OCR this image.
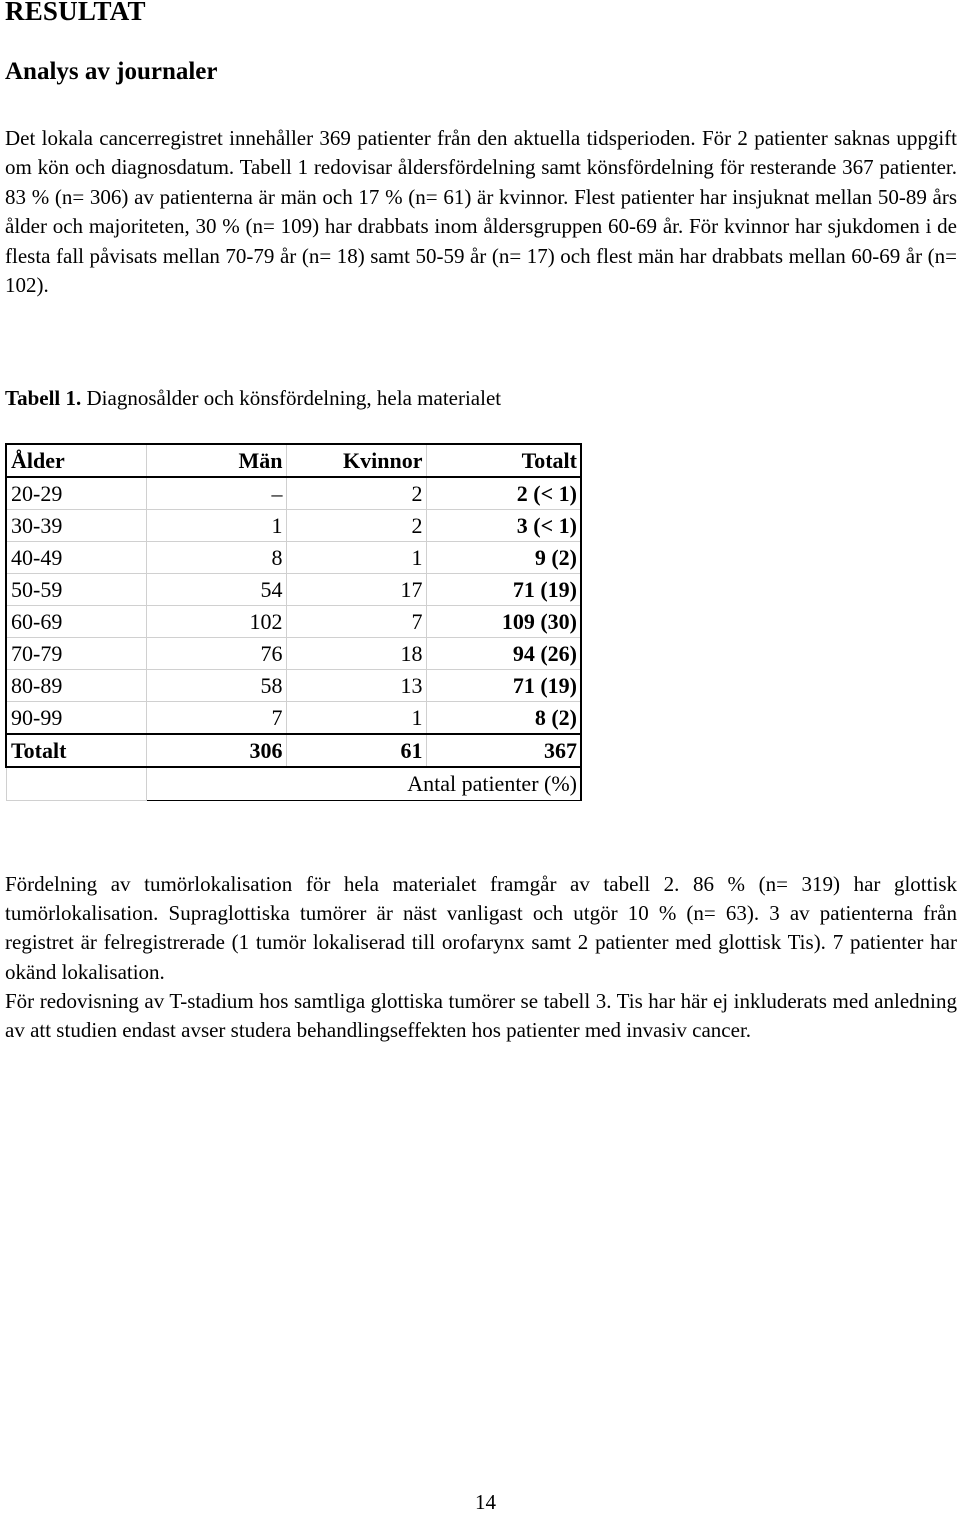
RESULTAT
Analys av journaler

Det lokala cancerregistret innehåller 369 patienter från den aktuella tidsperioden. För 2 patienter saknas uppgift om kön och diagnosdatum. Tabell 1 redovisar åldersfördelning samt könsfördelning för resterande 367 patienter. 83 % (n= 306) av patienterna är män och 17 % (n= 61) är kvinnor. Flest patienter har insjuknat mellan 50-89 års ålder och majoriteten, 30 % (n= 109) har drabbats inom åldersgruppen 60-69 år. För kvinnor har sjukdomen i de flesta fall påvisats mellan 70-79 år (n= 18) samt 50-59 år (n= 17) och flest män har drabbats mellan 60-69 år (n= 102).

Tabell 1. Diagnosålder och könsfördelning, hela materialet

Ålder	Män	Kvinnor	Totalt
20-29	–	2	2 (< 1)
30-39	1	2	3 (< 1)
40-49	8	1	9 (2)
50-59	54	17	71 (19)
60-69	102	7	109 (30)
70-79	76	18	94 (26)
80-89	58	13	71 (19)
90-99	7	1	8 (2)
Totalt	306	61	367
	Antal patienter (%)		

Fördelning av tumörlokalisation för hela materialet framgår av tabell 2. 86 % (n= 319) har glottisk tumörlokalisation. Supraglottiska tumörer är näst vanligast och utgör 10 % (n= 63). 3 av patienterna från registret är felregistrerade (1 tumör lokaliserad till orofarynx samt 2 patienter med glottisk Tis). 7 patienter har okänd lokalisation.

För redovisning av T-stadium hos samtliga glottiska tumörer se tabell 3. Tis har här ej inkluderats med anledning av att studien endast avser studera behandlingseffekten hos patienter med invasiv cancer.

14
